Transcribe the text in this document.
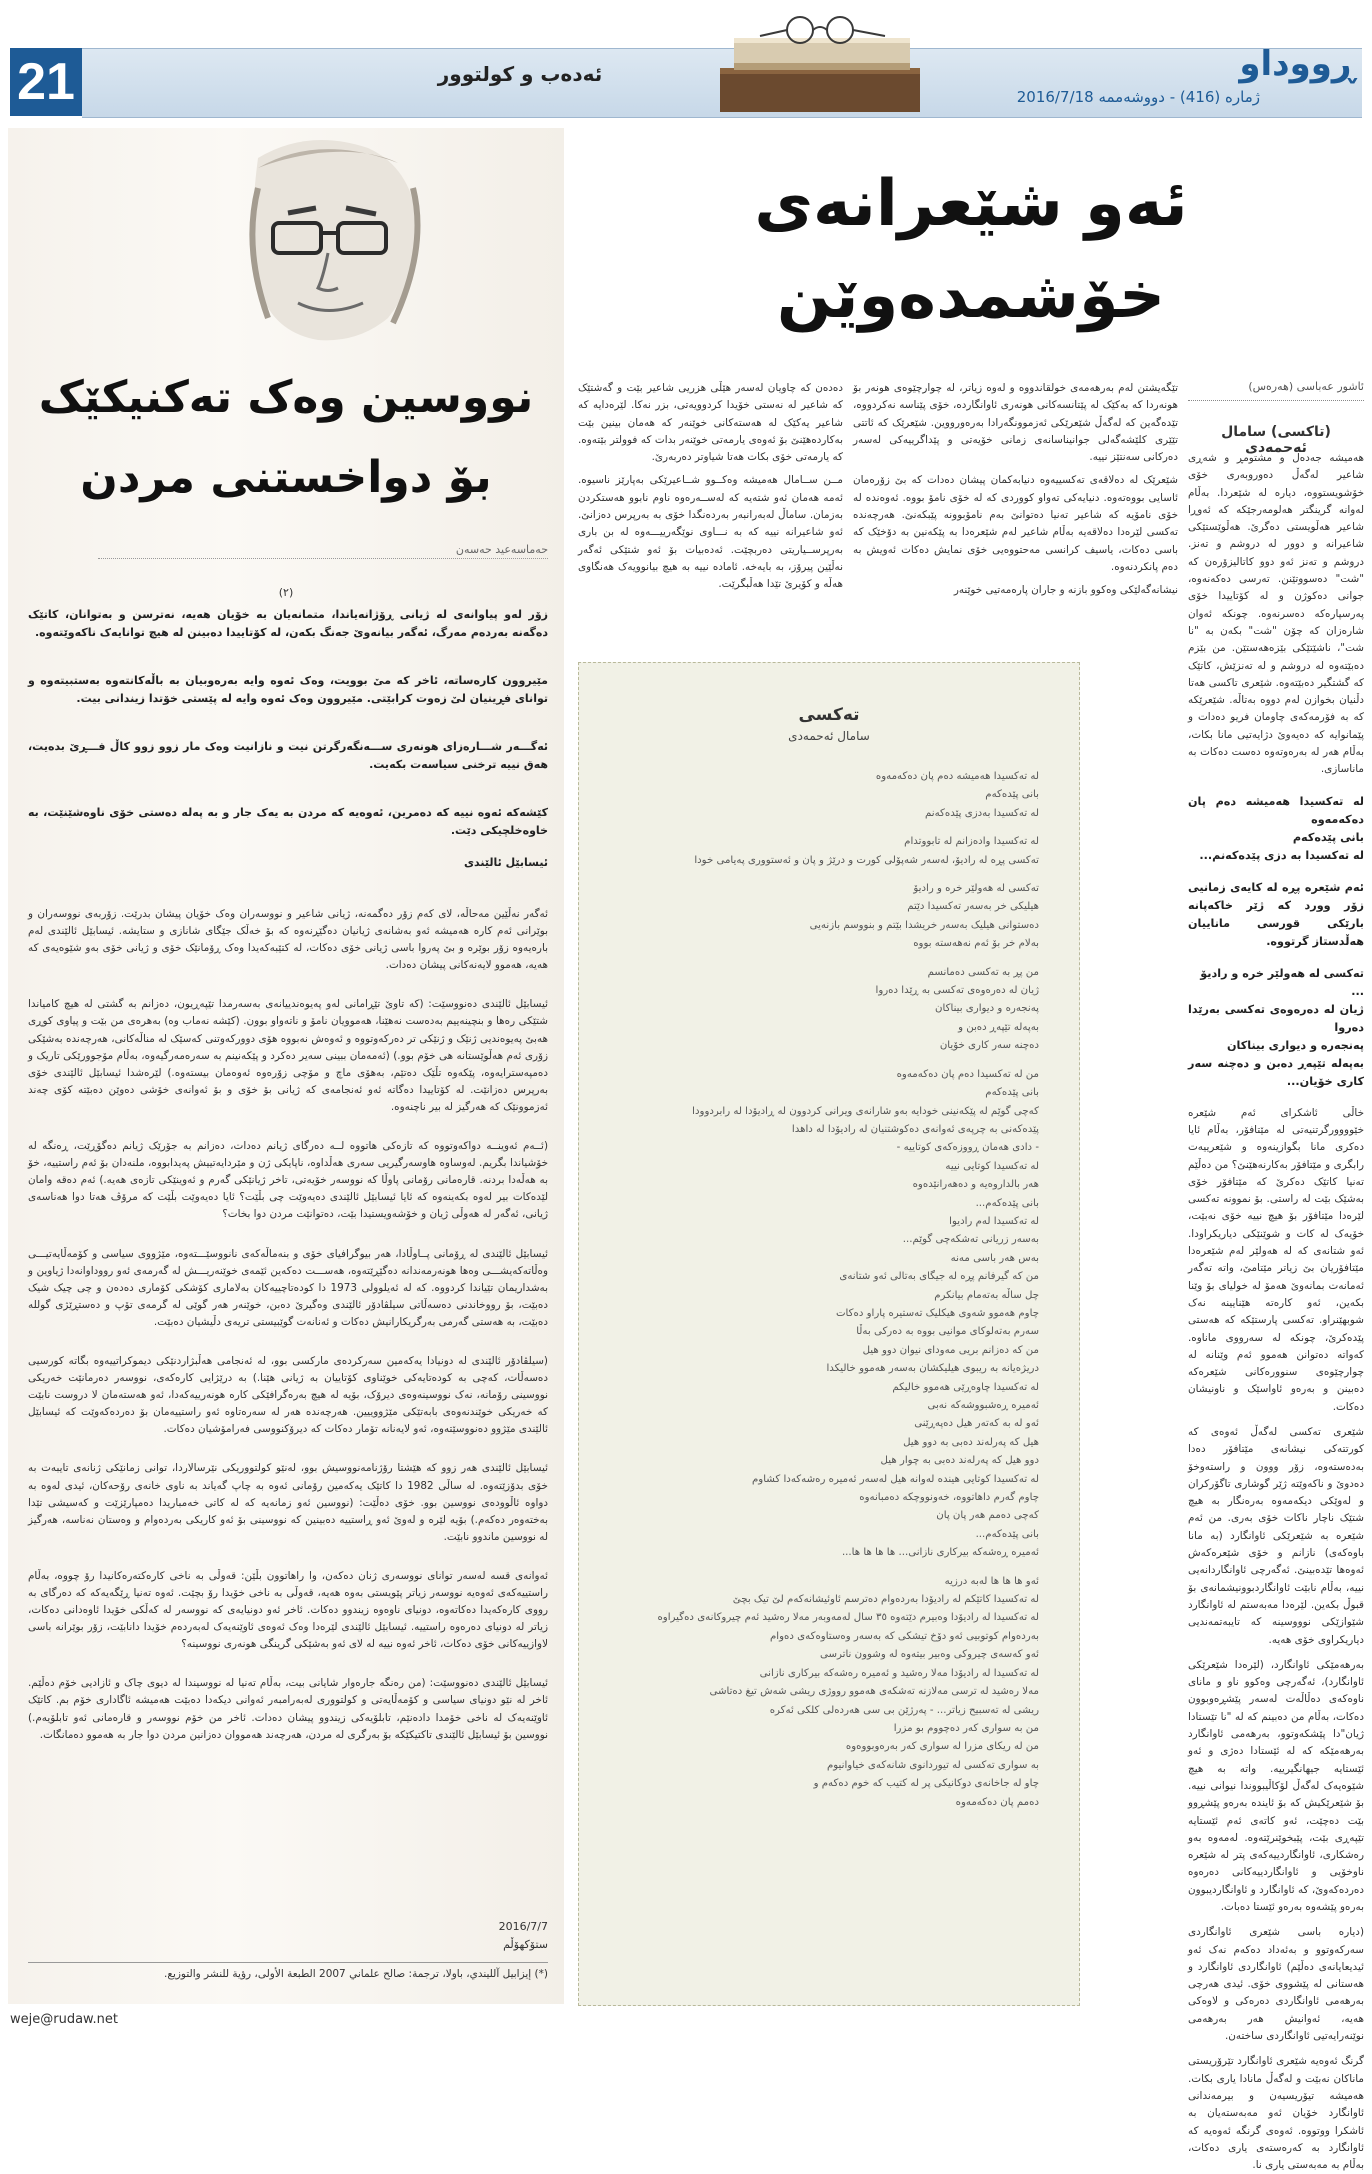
21	ئەدەب و کولتوور	ڕووداو
ژمارە (416) - دووشەممە 2016/7/18
ئەو شێعرانەی
خۆشمدەوێن
ئاشور عەباسی (هەرەس)
(تاکسی) سامال ئەحمەدی

هەمیشە جەدەل و مشتومڕ و شەڕی شاعیر لەگەڵ دەوروبەری خۆی خۆشویستووە، دیارە لە شێعردا. بەڵام لەوانە گرینگتر هەلومەرجێکە کە ئەوڕا شاعیر هەڵویستی دەگرێ. هەڵوێستێکی شاعیرانە و دوور لە دروشم و تەنز. دروشم و تەنز ئەو دوو کاتالیزۆرەن کە "شت" دەسووتێنن. تەرسی دەکەنەوە، جوانی دەکوژن و لە کۆتاییدا خۆی پەرسپارەکە دەسرنەوە. چونکە ئەوان شارەزان کە چۆن "شت" بکەن بە "نا شت"، ناشێتێکی بێزەهەستێن. من بێزم دەبێتەوە لە دروشم و لە تەنزێش، کاتێک کە گشتگیر دەبێتەوە. شێعری تاکسی هەتا دڵنیان بخوازن لەم دووە بەتاڵە. شێعرێکە کە بە فۆرمەکەی چاومان فریو دەدات و پێمانوایە کە دەیەوێ دژایەتیی مانا بکات، بەڵام هەر لە بەرەوتەوە دەست دەکات بە ماناسازی.

لە تەکسیدا هەمیشە دەم پان دەکەمەوە
بانی پێدەکەم
لە تەکسیدا بە دزی پێدەکەنم...

ئەم شێعرە پڕە لە کایەی زمانیی زۆر وورد کە ژێر خاکەپانە بارێکی قورسی ماناییان هەڵدستاز گرتووە.

تەکسی لە هەولێر خرە و رادیۆ
...
ژیان لە دەرەوەی تەکسی بەرێدا دەروا
پەنجەرە و دیواری بیناکان
بەپەلە تێپەڕ دەبن و دەچنە سەر کاری خۆیان...

خاڵی ئاشکرای ئەم شێعرە خێوووورگرتنیەتی لە مێتافۆر، بەڵام ئایا دەکری مانا بگوازینەوە و شێعرییەت رابگری و مێتافۆر بەکارنەهێنێ؟ من دەڵێم تەنیا کاتێک دەکرێ کە مێتافۆر خۆی بەشێک بێت لە راستی. بۆ نموونە تەکسی لێرەدا مێتافۆر بۆ هیچ نییە خۆی نەبێت، خۆیەک لە کات و شوێنێکی دیاریکراودا. ئەو شتانەی کە لە هەولێر لەم شێعرەدا مێتافۆریان بێ زیاتر مێتامێ، واتە تەگەر ئەمانەت بمانەوێ هەمۆ لە خولیای بۆ وێنا بکەین، ئەو کارەتە هێنایینە نەک شوبهێنراو. تەکسی پارستێکە کە هەستی پێدەکرێ، چونکە لە سەرووی ماناوە. کەواتە دەتوانن هەموو ئەم وێنانە لە چوارچێوەی سنوورەکانی شێعرەکە دەبینن و بەرەو ئاواسێک و ناونیشان دەکات.

شێعری تەکسی لەگەڵ ئەوەی کە کورتتەکی نیشانەی مێتافۆر دەدا بەدەستەوە، زۆر ووون و راستەوخۆ دەدوێ و ناکەوێتە ژێر گوشاری تاگۆرکران و لەوێکی دیکەمەوە بەرەنگار بە هیچ شتێک ناچار ناکات خۆی بەری. من ئەم شێعرە بە شێعرێکی ئاوانگارد (بە مانا باوەکەی) نازانم و خۆی شێعرەکەش ئەوەها تێدەبینێ. ئەگەرچی ئاوانگاردانەیی نییە، بەڵام نابێت ئاوانگاردبوونیشمانەی بۆ قبوڵ بکەین. لێرەدا مەبەستم لە ئاوانگارد شێوازێکی نوووسینە کە تایبەتمەندیی دیاریکراوی خۆی هەیە.

بەرهەمێکی ئاوانگارد، (لێرەدا شێعرێکی ئاوانگارد)، ئەگەرچی وەکوو ناو و مانای ناوەکەی دەڵاڵەت لەسەر پێشڕەوبوون دەکات، بەڵام من دەبینم کە لە "نا تێستادا ژیان"دا پێشکەوتوو، بەرهەمی ئاوانگارد بەرهەمێکە کە لە ئێستادا دەژی و ئەو ئێستایە جیهانگیرییە. واتە بە هیچ شێوەیەک لەگەڵ لۆکاڵیبووندا نیوانی نییە. بۆ شێعرێکیش کە بۆ ئایندە بەرەو پێشڕوو بێت دەچێت، ئەو کاتەی ئەم ئێستایە تێپەڕی بێت، پێبخوێنرێتەوە. لەمەوە بەو رەشکاری، ئاوانگاردییەکەی پتر لە شێعرە ناوخۆیی و ئاوانگاردییەکانی دەرەوە دەردەکەوێ، کە ئاوانگارد و ئاوانگاردیبوون بەرەو پێشەوە بەرەو ئێستا دەبات.

(دیارە باسی شێعری ئاوانگاردی سەرکەوتوو و بەئەداد دەکەم نەک ئەو ئیدیعایانەی دەڵێم) ئاوانگاردی ئاوانگارد و هەستانی لە پێشووی خۆی. ئیدی هەرچی بەرهەمی ئاوانگاردی دەرەکی و لاوەکی هەیە، ئەوانیش هەر بەرهەمی نوێنەرایەتیی ئاوانگاردی ساختەن.

گرنگ ئەوەیە شێعری ئاوانگارد تێرۆریستی ماناکان نەبێت و لەگەڵ مانادا یاری بکات. هەمیشە تیۆریسیەن و بیرمەندانی ئاوانگارد خۆیان ئەو مەبەستەیان بە ئاشکرا ووتووە. ئەوەی گرنگە ئەوەیە کە ئاوانگارد بە کەرەستەی یاری دەکات، بەڵام بە مەبەستی یاری نا.

تێگەیشتن لەم بەرهەمەی خولقاندووە و لەوە زیاتر، لە چوارچێوەی هونەر بۆ هونەردا کە بەکێک لە پێتانسەکانی هونەری ئاوانگاردە، خۆی پێناسە نەکردووە، تێدەگەین کە لەگەڵ شێعرێکی ئەزموونگەرادا بەرەورووین. شێعرێک کە ئاتتی تێێری کلێشەگەلی جوانیناسانەی زمانی خۆیەتی و پێداگرییەکی لەسەر دەرکانی سەنتێز نییە.

شێعرێک لە دەلاقەی تەکسییەوە دنیابەکمان پیشان دەدات کە بێ زۆرەمان ئاسایی بووەتەوە. دنیایەکی تەواو کووردی کە لە خۆی ناموٚ بووە. ئەوەندە لە خۆی نامۆیە کە شاعیر تەنیا دەتوانێ بەم نامۆبوونە پێبکەنێ. هەرچەندە تەکسی لێرەدا دەلاقەیە بەڵام شاعیر لەم شێعرەدا بە پێکەنین بە دۆخێک کە باسی دەکات، یاسیف کرانسی مەحتووەیی خۆی نمایش دەکات ئەویش بە دەم پانکردنەوە.

نیشانەگەلێکی وەکوو بازنە و جاران پارەمەتیی خوێنەر

دەدەن کە چاویان لەسەر هێڵی هزریی شاعیر بێت و گەشتێک کە شاعیر لە نەستی خۆیدا کردوویەتی، بزر نەکا. لێرەدایە کە شاعیر یەکێک لە هەستەکانی خوێنەر کە هەمان بینین بێت بەکاردەهێنێ بۆ ئەوەی یارمەتی خوێنەر بدات کە فوولتر بێتەوە. کە یارمەتی خۆی بکات هەتا شیاوتر دەربەرێ.

مــن ســامال هەمیشە وەکــوو شــاعیرێکی بەپارێز ناسیوە. ئەمە هەمان ئەو شتەیە کە لەســەرەوە ناوم نابوو هەستکردن بەزمان. ساماڵ لەبەرانبەر بەردەنگدا خۆی بە بەرپرس دەزانێ. ئەو شاعیرانە نییە کە بە نـــاوی نوێگەرییـــەوە لە بن باری بەرپرســیاریتی دەربچێت. ئەدەبیات بۆ ئەو شتێکی ئەگەر نەڵێین پیرۆز، بە بایەخە. ئامادە نییە بە هیچ بیانوویەک هەنگاوی هەڵە و کۆیرێ تێدا هەڵبگرێت.

تەکسی
سامال ئەحمەدی
لە تەکسیدا هەمیشە دەم پان دەکەمەوە
بانی پێدەکەم
لە تەکسیدا بەدزی پێدەکەنم
لە تەکسیدا وادەزانم لە تابووتدام
تەکسی پڕە لە رادیۆ، لەسەر شەپۆلی کورت و درێژ و پان و ئەستووری پەیامی خودا
تەکسی لە هەولێر خرە و رادیۆ
هیلیکی خر بەسەر تەکسیدا دێتم
دەستوانی هیلیک بەسەر خریشدا بێتم و بنووسم بازنەیی
بەلام خر بۆ ئەم نەهەستە بووە
من پڕ بە تەکسی دەمانسم
ژیان لە دەرەوەی تەکسی بە ڕێدا دەروا
پەنجەرە و دیواری بیناکان
بەپەلە تێپەڕ دەبن و
دەچنە سەر کاری خۆیان
من لە تەکسیدا دەم پان دەکەمەوە
بانی پێدەکەم
کەچی گوێم لە پێکەنینی خودایە بەو شارانەی ویرانی کردوون لە ڕادیۆدا لە رابردوودا
پێدەکەنی بە چرپەی ئەوانەی دەکوشتنیان لە رادیۆدا لە داهدا
- دادی هەمان ڕووزەکەی کوتاییە -
لە تەکسیدا کوتایی نییە
هەر بالداروەیە و دەهەرانێدەوە
بانی پێدەکەم...
لە تەکسیدا لەم رادیوا
بەسەر زریانی تەشکەچی گوێم...
بەس هەر باسی مەنە
من کە گیرفانم پڕە لە جیگای بەتالی ئەو شتانەی
چل ساڵە بەتەمام بیانکرم
چاوم هەموو شەوی هیکلیک تەستیرە پاراو دەکات
سەرم بەتەلوکای موانیی بووە بە دەرکی بەڵا
من کە دەزانم بریی مەودای نیوان دوو هیل
دریژەیانە بە ریبوی هیلیکشان بەسەر هەموو خالیکدا
لە تەکسیدا چاوەڕێی هەموو خالیکم
ئەمیرە ڕەشبووشەکە نەبی
ئەو لە بە کەتەر هیل دەپەڕێنی
هیل کە پەرلەند دەبی بە دوو هیل
دوو هیل کە پەرلەند دەبی بە چوار هیل
لە تەکسیدا کوتایی هیندە لەوانە هیل لەسەر ئەمیرە رەشەکەدا کشاوم
چاوم گەرم داهاتووە، خەونووچکە دەمبانەوە
کەچی دەمم هەر پان پان
بانی پێدەکەم...
ئەمیرە ڕەشەکە بیرکاری نازانی... ها ها ها ها...
ئەو ها ها ها لەبە درزیە
لە تەکسیدا کاتێکم لە رادیۆدا بەردەوام دەترسم ئاوئیشانەکەم لێ تیک بچێ
لە تەکسیدا لە رادیۆدا وەبیرم دێتەوە ٣٥ سال لەمەوبەر مەلا رەشید ئەم چیروکانەی دەگیراوە
بەردەوام کوتوبیی ئەو دۆخ تیشکی کە بەسەر وەستاوەکەی دەوام
ئەو کەسەی چیروکی وەبیر بیتەوە لە وشوون ناترسی
لە تەکسیدا لە رادیۆدا مەلا رەشید و ئەمیرە رەشەکە بیرکاری نازانی
مەلا رەشید لە ترسی مەلازنە تەشکەی هەموو رووژی ریشی شەش تیغ دەتاشی
ریشی لە تەسبیح زیاتر... - پەرژێن بی سی هەردەلی کلکی ئەکرە
من بە سواری کەر دەچووم بو مزرا
من لە ریکای مزرا لە سواری کەر بەرەوبووەوە
بە سواری تەکسی لە تیوردانوی شانەکەی خیاوانیوم
چاو لە جاخانەی دوکانیکی پر لە کتیب کە خوم دەکەم و
دەمم پان دەکەمەوە
نووسین وەک تەکنیکێک
بۆ دواخستنی مردن
حەماسەعید حەسەن
(٢)

زۆر لەو پیاوانەی لە ژیانی ڕۆژانەیاندا، متمانەیان بە خۆیان هەیە، نەترسن و بەتوانان، کاتێک دەگەنە بەردەم مەرگ، ئەگەر بیانەوێ جەنگ بکەن، لە کۆتاییدا دەبینن لە هیچ توانایەک ناکەوێتەوە.

مێیروون کارەساتە، ئاخر کە مێ بوویت، وەک ئەوە وایە بەرەوبیان بە باڵەکانتەوە بەستبیتەوە و توانای فڕینیان لێ زەوت کرابێتی. مێیروون وەک ئەوە وایە لە پێستی خۆتدا زیندانی بیت.

ئەگـــەر شـــارەزای هونەری ســـەنگەرگرتن نیت و نازانیت وەک مار زوو زوو کاڵ فـــڕێ بدەیت، هەق نییە ترخنی سیاسەت بکەیت.

کێشەکە ئەوە نییە کە دەمرین، ئەوەیە کە مردن بە یەک جار و بە پەلە دەستی خۆی ناوەشێنێت، بە خاوەخلچیکی دێت.

ئیسابێل ئالێندی

ئەگەر نەڵێین مەحاڵە، لای کەم زۆر دەگمەنە، ژیانی شاعیر و نووسەران وەک خۆیان پیشان بدرێت. زۆربەی نووسەران و بوێرانی ئەم کارە هەمیشە ئەو بەشانەی ژیانیان دەگێڕنەوە کە بۆ خەڵک جێگای شانازی و ستایشە. ئیسابێل ئالێندی لەم بارەیەوە زۆر بوێرە و بێ پەروا باسی ژیانی خۆی دەکات، لە کتێبەکەیدا وەک ڕۆمانێک خۆی و ژیانی خۆی بەو شێوەیەی کە هەیە، هەموو لایەنەکانی پیشان دەدات.

ئیسابێل ئالێندی دەنووسێت: (کە تاوێ تێڕامانی لەو پەیوەندییانەی بەسەرمدا تێپەڕیون، دەزانم بە گشتی لە هیچ کامیاندا شتێکی رەها و بنچینەییم بەدەست نەهێنا، هەموویان نامۆ و ناتەواو بوون. (کێشە نەماب وە) بەهرەی من بێت و پیاوی کوڕی هەبێ پەیوەندیی ژنێک و ژنێکی تر دەرکەوتووە و ئەوەش نەبووە هۆی دوورکەوتنی کەسێک لە مناڵەکانی، هەرچەندە بەشێکی زۆری ئەم هەڵوێستانە هی خۆم بوو.) (ئەمەمان ببینی سەیر دەکرد و پێکەنینم بە سەرەمەرگیەوە، بەڵام مۆجوورێکی تاریک و دەمپەسترایەوە، پێکەوە تڵێک دەتێم، بەهۆی ماچ و مۆچی زۆرەوە ئەوەمان بیستەوە.) لێرەشدا ئیسابێل ئالێندی خۆی بەرپرس دەزانێت. لە کۆتاییدا دەگاتە ئەو ئەنجامەی کە ژیانی بۆ خۆی و بۆ ئەوانەی خۆشی دەوێن دەبێتە کۆی چەند ئەزموونێک کە هەرگیز لە بیر ناچنەوە.

(ئــەم ئەوینــە دواکەوتووە کە تازەکی هاتووە لــە دەرگای ژیانم دەدات، دەزانم بە جۆرێک ژیانم دەگۆڕێت، ڕەنگە لە خۆشیاندا بگریم. لەوساوە هاوسەرگیریی سەری هەڵداوە، ناپایکی ژن و مێردایەتییش پەیدابووە، ملنەدان بۆ ئەم راستییە، خۆ بە هەڵەدا بردنە. قارەمانی رۆمانی پاوڵا کە نووسەر خۆیەتی، تاخر ژیانێکی گەرم و ئەوینێکی تازەی هەیە.) ئەم دەقە وامان لێدەکات بیر لەوە بکەینەوە کە ئایا ئیسابێل ئالێندی دەیەوێت چی بڵێت؟ ئایا دەیەوێت بڵێت کە مرۆڤ هەتا دوا هەناسەی ژیانی، ئەگەر لە هەوڵی ژیان و خۆشەویستیدا بێت، دەتوانێت مردن دوا بخات؟

ئیسابێل ئالێندی لە ڕۆمانی پــاوڵادا، هەر بیوگرافیای خۆی و بنەماڵەکەی نانووسێـــتەوە، مێژووی سیاسی و کۆمەڵایەتیـــی وەڵاتەکەیشـــی وەها هونەرمەندانە دەگێڕێتەوە، هەســـت دەکەین ئێمەی خوێنەریـــش لە گەرمەی ئەو رووداوانەدا ژیاوین و بەشداریمان تێیاندا کردووە. کە لە ئەیلوولی 1973 دا کودەتاچییەکان بەلاماری کۆشکی کۆماری دەدەن و چی چیک شیک دەبێت، بۆ رووخاندنی دەسەڵاتی سیلڤادۆر ئالێندی وەگیرێ دەبن، خوێنەر هەر گوێی لە گرمەی تۆپ و دەستڕێژی گوللە دەبێت، بە هەستی گەرمی بەرگریکارانیش دەکات و ئەنانەت گوێبیستی تریەی دڵیشیان دەبێت.

(سیلڤادۆر ئالێندی لە دونیادا یەکەمین سەرکردەی مارکسی بوو، لە ئەنجامی هەڵبژاردنێکی دیموکراتییەوە بگاتە کورسیی دەسەڵات، کەچی بە کودەتایەکی خوێناوی کۆتاییان بە ژیانی هێنا.) بە درێژایی کارەکەی، نووسەر دەرمانێت خەریکی نووسینی رۆمانە، نەک نووسینەوەی دیرۆک، بۆیە لە هیچ بەرەگرافێکی کارە هونەرییەکەدا، ئەو هەستەمان لا دروست نابێت کە خەریکی خوێندنەوەی بابەتێکی مێژووییین. هەرچەندە هەر لە سەرەتاوە ئەو راستییەمان بۆ دەردەکەوێت کە ئیسابێل ئالێندی مێژوو دەنووسێتەوە، ئەو لایەنانە تۆمار دەکات کە دیرۆکنووسی فەرامۆشیان دەکات.

ئیسابێل ئالێندی هەر زوو کە هێشتا رۆژنامەنووسیش بوو، لەنێو کولتووریکی نێرسالاردا، توانی زمانێکی ژنانەی تایبەت بە خۆی بدۆزێتەوە. لە ساڵی 1982 دا کاتێک یەکەمین رۆمانی ئەوە بە چاپ گەیاند بە ناوی خانەی رۆحەکان، ئیدی لەوە بە دواوە ئاڵوودەی نووسین بوو. خۆی دەڵێت: (نووسین ئەو زمانەیە کە لە کاتی خەمباریدا دەمپارێزێت و کەسیشی تێدا بەختەوەر دەکەم.) بۆیە لێرە و لەوێ ئەو ڕاستییە دەبینین کە نووسینی بۆ ئەو کاریکی بەردەوام و وەستان نەناسە، هەرگیز لە نووسین ماندوو نابێت.

ئەوانەی قسە لەسەر توانای نووسەری ژنان دەکەن، وا راهاتوون بڵێن: قەوڵی بە ناخی کارەکتەرەکانیدا رۆ چووە، بەڵام راستییەکەی ئەوەیە نووسەر زیاتر پێویستی بەوە هەیە، قەوڵی بە ناخی خۆیدا رۆ بچێت. ئەوە تەنیا ڕێگەیەکە کە دەرگای بە رووی کارەکەیدا دەکاتەوە، دونیای ناوەوە زیندوو دەکات. ئاخر ئەو دونیایەی کە نووسەر لە کەڵکی خۆیدا ئاوەدانی دەکات، زیاتر لە دونیای دەرەوە راستییە. ئیسابێل ئالێندی لێرەدا وەک ئەوەی ئاوێنەیەک لەبەردەم خۆیدا دانابێت، زۆر بوێرانە باسی لاوازییەکانی خۆی دەکات، ئاخر ئەوە نییە لە لای ئەو بەشێکی گرینگی هونەری نووسینە؟

ئیسابێل ئالێندی دەنووسێت: (من رەنگە جارەوار شایانی بیت، بەڵام تەنیا لە نووسیندا لە دیوی چاک و ئازادیی خۆم دەڵێم. ئاخر لە نێو دونیای سیاسی و کۆمەڵایەتی و کولتووری لەبەرامبەر ئەوانی دیکەدا دەبێت هەمیشە ئاگاداری خۆم بم. کاتێک ئاوێنەیەک لە ناخی خۆمدا دادەنێم، تابلۆیەکی زیندوو پیشان دەدات. ئاخر من خۆم نووسەر و قارەمانی ئەو تابلۆیەم.) نووسین بۆ ئیسابێل ئالێندی تاکتیکێکە بۆ بەرگری لە مردن، هەرچەند هەمووان دەزانین مردن دوا جار بە هەموو دەمانگات.

2016/7/7
ستۆکهۆڵم
(*) إيزابيل آلليندي، باولا، ترجمة: صالح علماني 2007 الطبعة الأولى، رؤية للنشر والتوزيع.
weje@rudaw.net
